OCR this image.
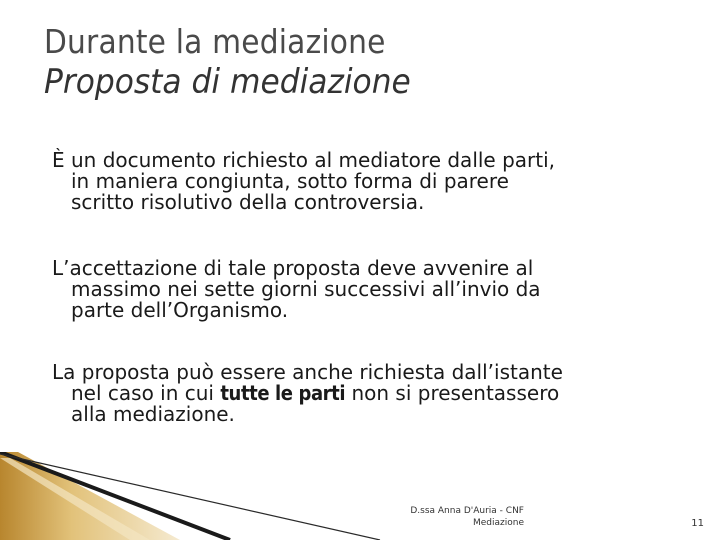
Durante la mediazione
Proposta di mediazione
È un documento richiesto al mediatore dalle parti,
in maniera congiunta, sotto forma di parere
scritto risolutivo della controversia.
L’accettazione di tale proposta deve avvenire al
massimo nei sette giorni successivi all’invio da
parte dell’Organismo.
La proposta può essere anche richiesta dall’istante
nel caso in cui tutte le parti non si presentassero
alla mediazione.
D.ssa Anna D'Auria - CNF
Mediazione	11
